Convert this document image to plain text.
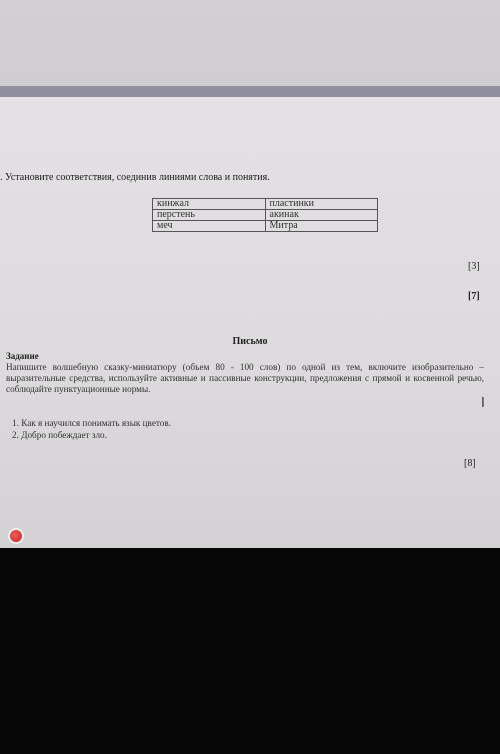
. Установите соответствия, соединив линиями слова и понятия.
кинжал	пластинки
перстень	акинак
меч	Митра
[3]
[7]
Письмо
Задание
Напишите волшебную сказку-миниатюру (объем 80 - 100 слов) по одной из тем, включите изобразительно – выразительные средства, используйте активные и пассивные конструкции, предложения с прямой и косвенной речью, соблюдайте пунктуационные нормы.
1. Как я научился понимать язык цветов.
2. Добро побеждает зло.
[8]
I
